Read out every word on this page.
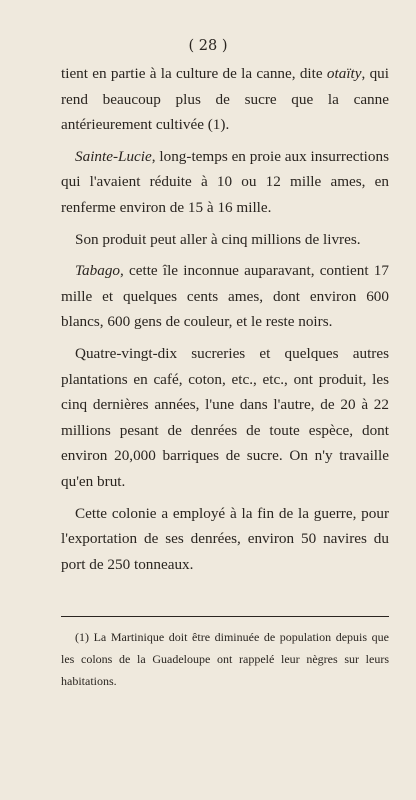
( 28 )

tient en partie à la culture de la canne, dite otaïty, qui rend beaucoup plus de sucre que la canne antérieurement cultivée (1).

Sainte-Lucie, long-temps en proie aux insurrections qui l'avaient réduite à 10 ou 12 mille ames, en renferme environ de 15 à 16 mille.

Son produit peut aller à cinq millions de livres.

Tabago, cette île inconnue auparavant, contient 17 mille et quelques cents ames, dont environ 600 blancs, 600 gens de couleur, et le reste noirs.

Quatre-vingt-dix sucreries et quelques autres plantations en café, coton, etc., etc., ont produit, les cinq dernières années, l'une dans l'autre, de 20 à 22 millions pesant de denrées de toute espèce, dont environ 20,000 barriques de sucre. On n'y travaille qu'en brut.

Cette colonie a employé à la fin de la guerre, pour l'exportation de ses denrées, environ 50 navires du port de 250 tonneaux.

(1) La Martinique doit être diminuée de population depuis que les colons de la Guadeloupe ont rappelé leur nègres sur leurs habitations.
